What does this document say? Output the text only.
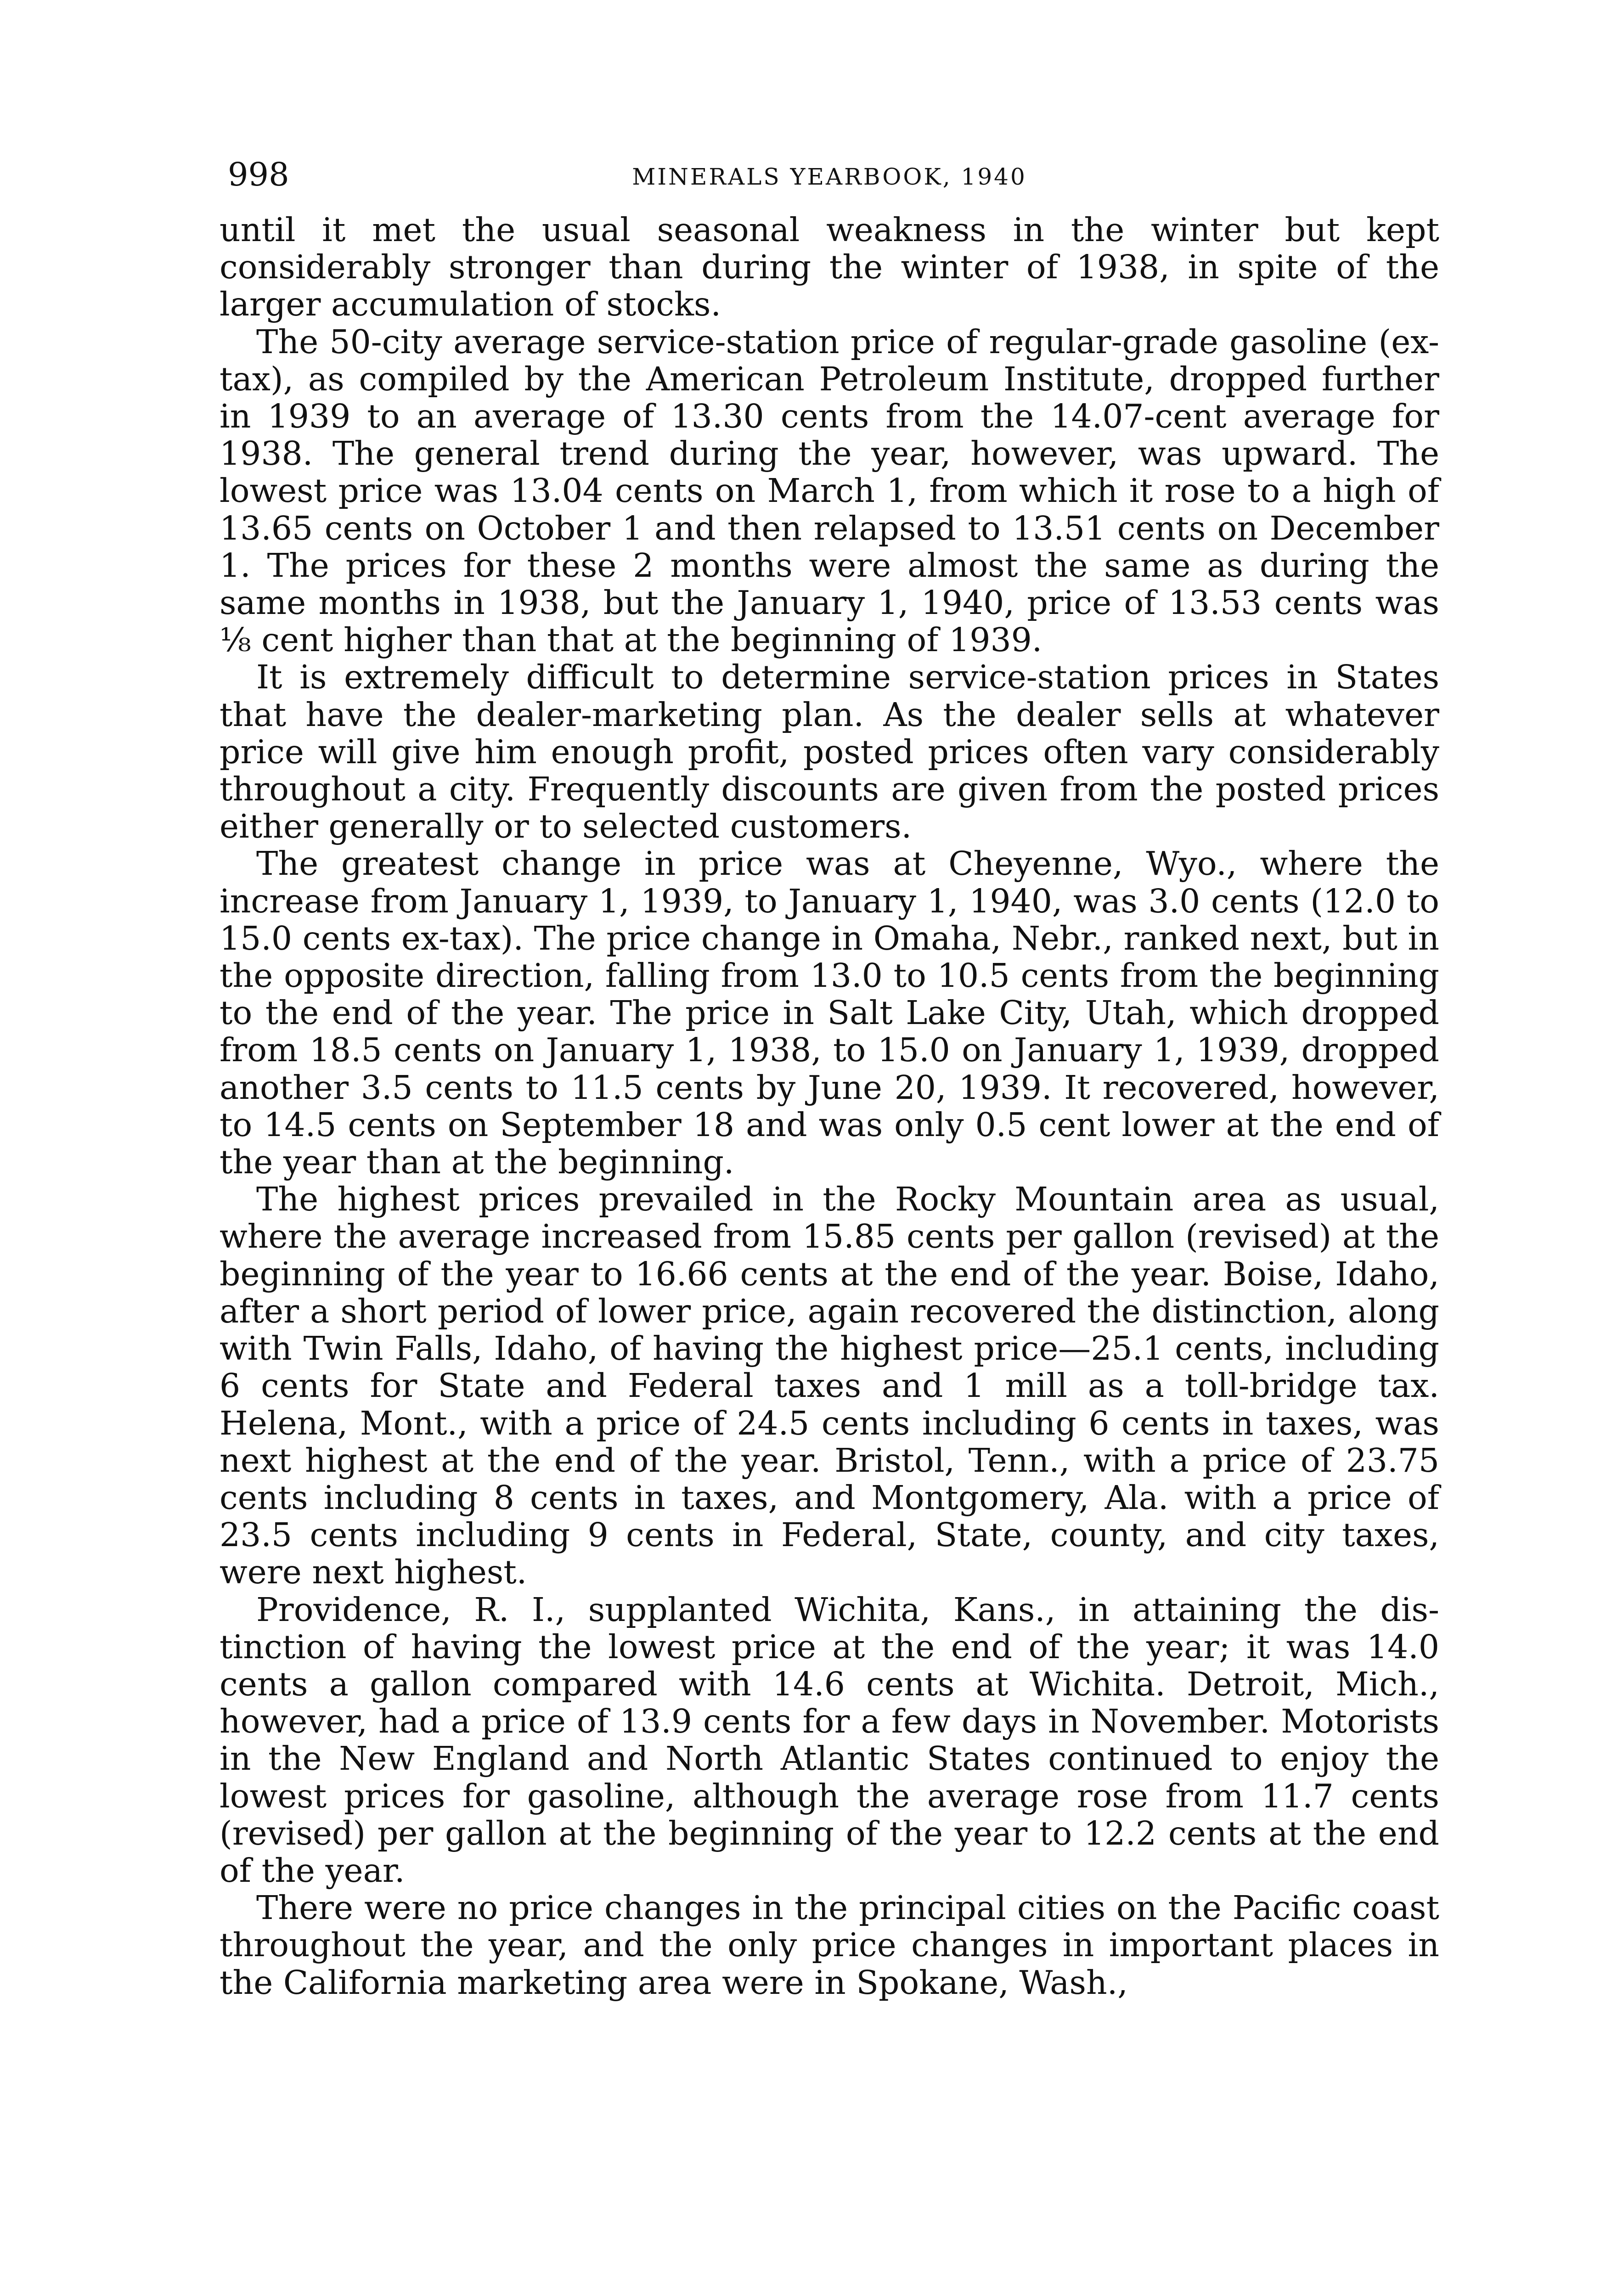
998	MINERALS YEARBOOK, 1940

until it met the usual seasonal weakness in the winter but kept considerably stronger than during the winter of 1938, in spite of the larger accumulation of stocks.

The 50-city average service-station price of regular-grade gasoline (ex-tax), as compiled by the American Petroleum Institute, dropped further in 1939 to an average of 13.30 cents from the 14.07-cent average for 1938. The general trend during the year, however, was upward. The lowest price was 13.04 cents on March 1, from which it rose to a high of 13.65 cents on October 1 and then relapsed to 13.51 cents on December 1. The prices for these 2 months were almost the same as during the same months in 1938, but the January 1, 1940, price of 13.53 cents was ⅛ cent higher than that at the beginning of 1939.

It is extremely difficult to determine service-station prices in States that have the dealer-marketing plan. As the dealer sells at whatever price will give him enough profit, posted prices often vary considerably throughout a city. Frequently discounts are given from the posted prices either generally or to selected customers.

The greatest change in price was at Cheyenne, Wyo., where the increase from January 1, 1939, to January 1, 1940, was 3.0 cents (12.0 to 15.0 cents ex-tax). The price change in Omaha, Nebr., ranked next, but in the opposite direction, falling from 13.0 to 10.5 cents from the beginning to the end of the year. The price in Salt Lake City, Utah, which dropped from 18.5 cents on January 1, 1938, to 15.0 on January 1, 1939, dropped another 3.5 cents to 11.5 cents by June 20, 1939. It recovered, however, to 14.5 cents on September 18 and was only 0.5 cent lower at the end of the year than at the beginning.

The highest prices prevailed in the Rocky Mountain area as usual, where the average increased from 15.85 cents per gallon (revised) at the beginning of the year to 16.66 cents at the end of the year. Boise, Idaho, after a short period of lower price, again recovered the distinction, along with Twin Falls, Idaho, of having the highest price—25.1 cents, including 6 cents for State and Federal taxes and 1 mill as a toll-bridge tax. Helena, Mont., with a price of 24.5 cents including 6 cents in taxes, was next highest at the end of the year. Bristol, Tenn., with a price of 23.75 cents including 8 cents in taxes, and Montgomery, Ala. with a price of 23.5 cents including 9 cents in Federal, State, county, and city taxes, were next highest.

Providence, R. I., supplanted Wichita, Kans., in attaining the distinction of having the lowest price at the end of the year; it was 14.0 cents a gallon compared with 14.6 cents at Wichita. Detroit, Mich., however, had a price of 13.9 cents for a few days in November. Motorists in the New England and North Atlantic States continued to enjoy the lowest prices for gasoline, although the average rose from 11.7 cents (revised) per gallon at the beginning of the year to 12.2 cents at the end of the year.

There were no price changes in the principal cities on the Pacific coast throughout the year, and the only price changes in important places in the California marketing area were in Spokane, Wash.,
